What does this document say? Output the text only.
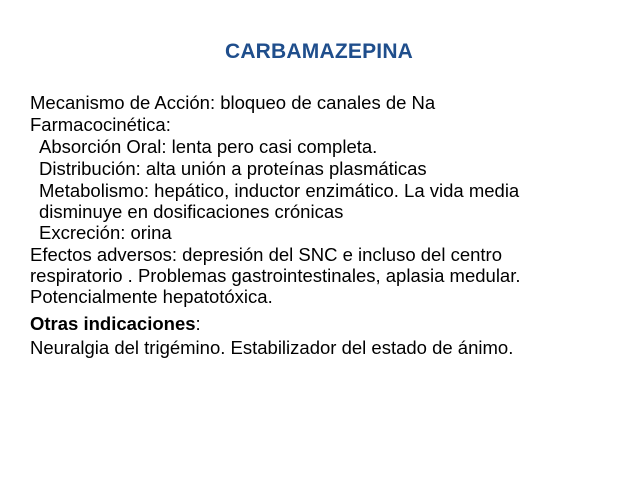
CARBAMAZEPINA
Mecanismo de Acción: bloqueo de canales de Na
Farmacocinética:
Absorción Oral: lenta pero casi completa.
Distribución: alta unión a proteínas plasmáticas
Metabolismo: hepático, inductor enzimático. La vida media
disminuye en dosificaciones crónicas
Excreción: orina
Efectos adversos: depresión del SNC e incluso del centro
respiratorio . Problemas gastrointestinales, aplasia medular.
Potencialmente hepatotóxica.
Otras indicaciones:
Neuralgia del trigémino. Estabilizador del estado de ánimo.
